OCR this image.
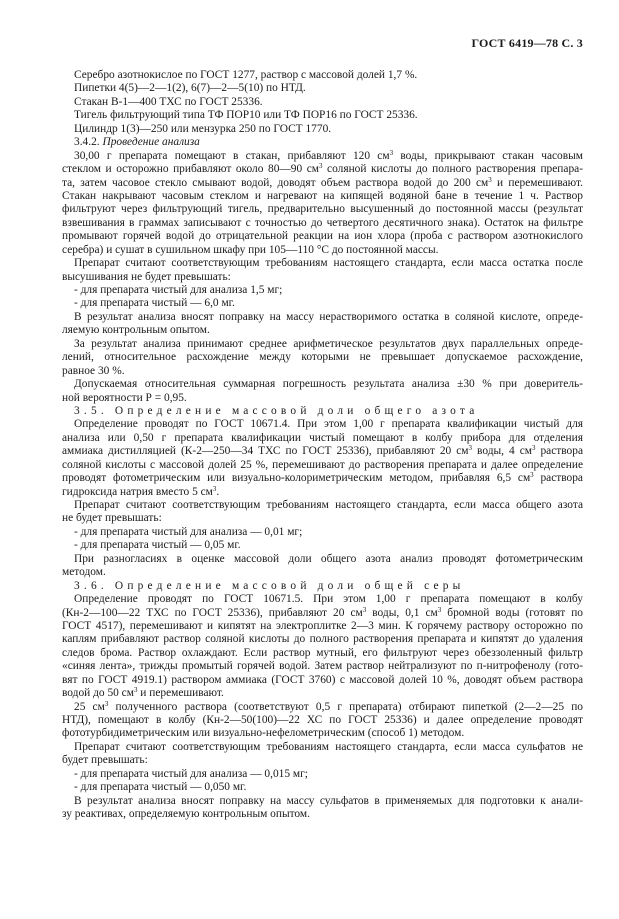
ГОСТ 6419—78 С. 3
Серебро азотнокислое по ГОСТ 1277, раствор с массовой долей 1,7 %.
Пипетки 4(5)—2—1(2), 6(7)—2—5(10) по НТД.
Стакан В-1—400 ТХС по ГОСТ 25336.
Тигель фильтрующий типа ТФ ПОР10 или ТФ ПОР16 по ГОСТ 25336.
Цилиндр 1(3)—250 или мензурка 250 по ГОСТ 1770.
3.4.2. Проведение анализа
30,00 г препарата помещают в стакан, прибавляют 120 $см^3$ воды, прикрывают стакан часовым
стеклом и осторожно прибавляют около 80—90 $см^3$ соляной кислоты до полного растворения препара-
та, затем часовое стекло смывают водой, доводят объем раствора водой до 200 $см^3$ и перемешивают.
Стакан накрывают часовым стеклом и нагревают на кипящей водяной бане в течение 1 ч. Раствор
фильтруют через фильтрующий тигель, предварительно высушенный до постоянной массы (результат
взвешивания в граммах записывают с точностью до четвертого десятичного знака). Остаток на фильтре
промывают горячей водой до отрицательной реакции на ион хлора (проба с раствором азотнокислого
серебра) и сушат в сушильном шкафу при 105—110 °С до постоянной массы.
Препарат считают соответствующим требованиям настоящего стандарта, если масса остатка после
высушивания не будет превышать:
- для препарата чистый для анализа 1,5 мг;
- для препарата чистый — 6,0 мг.
В результат анализа вносят поправку на массу нерастворимого остатка в соляной кислоте, опреде-
ляемую контрольным опытом.
За результат анализа принимают среднее арифметическое результатов двух параллельных опреде-
лений, относительное расхождение между которыми не превышает допускаемое расхождение,
равное 30 %.
Допускаемая относительная суммарная погрешность результата анализа ±30 % при доверитель-
ной вероятности Р = 0,95.
3.5. Определение массовой доли общего азота
Определение проводят по ГОСТ 10671.4. При этом 1,00 г препарата квалификации чистый для
анализа или 0,50 г препарата квалификации чистый помещают в колбу прибора для отделения
аммиака дистилляцией (К-2—250—34 ТХС по ГОСТ 25336), прибавляют 20 $см^3$ воды, 4 $см^3$ раствора
соляной кислоты с массовой долей 25 %, перемешивают до растворения препарата и далее определение
проводят фотометрическим или визуально-колориметрическим методом, прибавляя 6,5 $см^3$ раствора
гидроксида натрия вместо 5 $см^3$.
Препарат считают соответствующим требованиям настоящего стандарта, если масса общего азота
не будет превышать:
- для препарата чистый для анализа — 0,01 мг;
- для препарата чистый — 0,05 мг.
При разногласиях в оценке массовой доли общего азота анализ проводят фотометрическим
методом.
3.6. Определение массовой доли общей серы
Определение проводят по ГОСТ 10671.5. При этом 1,00 г препарата помещают в колбу
(Кн-2—100—22 ТХС по ГОСТ 25336), прибавляют 20 $см^3$ воды, 0,1 $см^3$ бромной воды (готовят по
ГОСТ 4517), перемешивают и кипятят на электроплитке 2—3 мин. К горячему раствору осторожно по
каплям прибавляют раствор соляной кислоты до полного растворения препарата и кипятят до удаления
следов брома. Раствор охлаждают. Если раствор мутный, его фильтруют через обеззоленный фильтр
«синяя лента», трижды промытый горячей водой. Затем раствор нейтрализуют по п-нитрофенолу (гото-
вят по ГОСТ 4919.1) раствором аммиака (ГОСТ 3760) с массовой долей 10 %, доводят объем раствора
водой до 50 $см^3$ и перемешивают.
25 $см^3$ полученного раствора (соответствуют 0,5 г препарата) отбирают пипеткой (2—2—25 по
НТД), помещают в колбу (Кн-2—50(100)—22 ХС по ГОСТ 25336) и далее определение проводят
фототурбидиметрическим или визуально-нефелометрическим (способ 1) методом.
Препарат считают соответствующим требованиям настоящего стандарта, если масса сульфатов не
будет превышать:
- для препарата чистый для анализа — 0,015 мг;
- для препарата чистый — 0,050 мг.
В результат анализа вносят поправку на массу сульфатов в применяемых для подготовки к анали-
зу реактивах, определяемую контрольным опытом.
